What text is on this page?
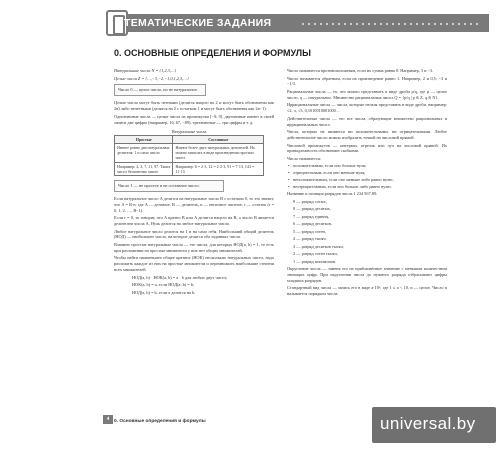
ТЕМАТИЧЕСКИЕ ЗАДАНИЯ
0. ОСНОВНЫЕ ОПРЕДЕЛЕНИЯ И ФОРМУЛЫ

Натуральные числа N = {1,2,3,…}

Целые числа Z = {…,−3,−2,−1,0,1,2,3,…}

Число 0 — целое число, но не натуральное.

Целые числа могут быть четными (делятся нацело на 2 и могут быть обозначены как 2n) либо нечетными (делятся на 2 с остатком 1 и могут быть обозначены как 2n−1).

Однозначные числа — целые числа из промежутка [−9; 9], двузначные имеют в своей записи две цифры (например, 16, 67, −89), трехзначные — три цифры и т. д.

Натуральные числа
Простые	Составные
Имеют ровно два натуральных делителя: 1 и само число	Имеют более двух натуральных делителей. Их можно записать в виде произведения простых чисел
Например: 2, 3, 7, 11, 97. Таких чисел бесконечно много	Например: 6 = 2·3, 12 = 2·2·3, 91 = 7·13, 143 = 11·13
Число 1 — не простое и не составное число.

Если натуральное число A делится на натуральное число B с остатком 0, то это значит, что A = B·n, где A — делимое, B — делитель, n — неполное частное, r — остаток (r = 0, 1, 2, …, B−1).

Если r = 0, то говорят, что A кратно B или A делится нацело на B, а число B является делителем числа A. Нуль делится на любое натуральное число.

Любое натуральное число делится на 1 и на само себя. Наибольший общий делитель (НОД) — наибольшее число, на которое делятся оба заданных числа.

Взаимно простые натуральные числа — это числа, для которых НОД(a, b) = 1, то есть при разложении на простые множители у них нет общих множителей.

Чтобы найти наименьшее общее кратное (НОК) нескольких натуральных чисел, надо разложить каждое из них на простые множители и перемножить наибольшие степени всех множителей.

НОД(а, b) · НОК(а, b) = а · b для любых двух чисел;

НОК(а, b) = а, если НОД(а, b) = b;

НОД(а, b) = b, если а делится на b.

Число называется противоположным, если их сумма равна 0. Например, 3 и −3.

Число называется обратным, если их произведение равно 1. Например, 2 и 0,5; −3 и −1/3.

Рациональные числа — то, что можно представить в виде дроби p/q, где p — целое число, q — натуральное. Множество рациональных чисел Q = {p/q | p ∈ Z, q ∈ N}.

Иррациональные числа — числа, которые нельзя представить в виде дроби, например: √2, π, √3, 0,1010010001000…

Действительные числа — это все числа, образующие множество рациональных и иррациональных чисел.

Числа, которые не являются ни положительными, ни отрицательными. Любое действительное число можно изобразить точкой на числовой прямой.

Числовой промежуток — интервал, отрезок или луч на числовой прямой. Их принадлежность обозначают скобками.

Число называется:

• положительным, если оно больше нуля;
• отрицательным, если оно меньше нуля;
• неположительным, если оно меньше либо равно нулю;
• неотрицательным, если оно больше либо равно нулю.

Название и позиция разрядов числа 1 234 567,89:

9 — разряд сотых,

8 — разряд десятых,

7 — разряд единиц,

6 — разряд десятков,

5 — разряд сотен,

4 — разряд тысяч,

3 — разряд десятков тысяч,

2 — разряд сотен тысяч,

1 — разряд миллионов.

Округление числа — замена его на приближённое значение с меньшим количеством значащих цифр. При округлении числа до нужного разряда отбрасывают цифры младших разрядов.

Стандартный вид числа — запись его в виде a·10ⁿ, где 1 ≤ a < 10, n — целое. Число n называется порядком числа.

4 0. Основные определения и формулы	universal.by
